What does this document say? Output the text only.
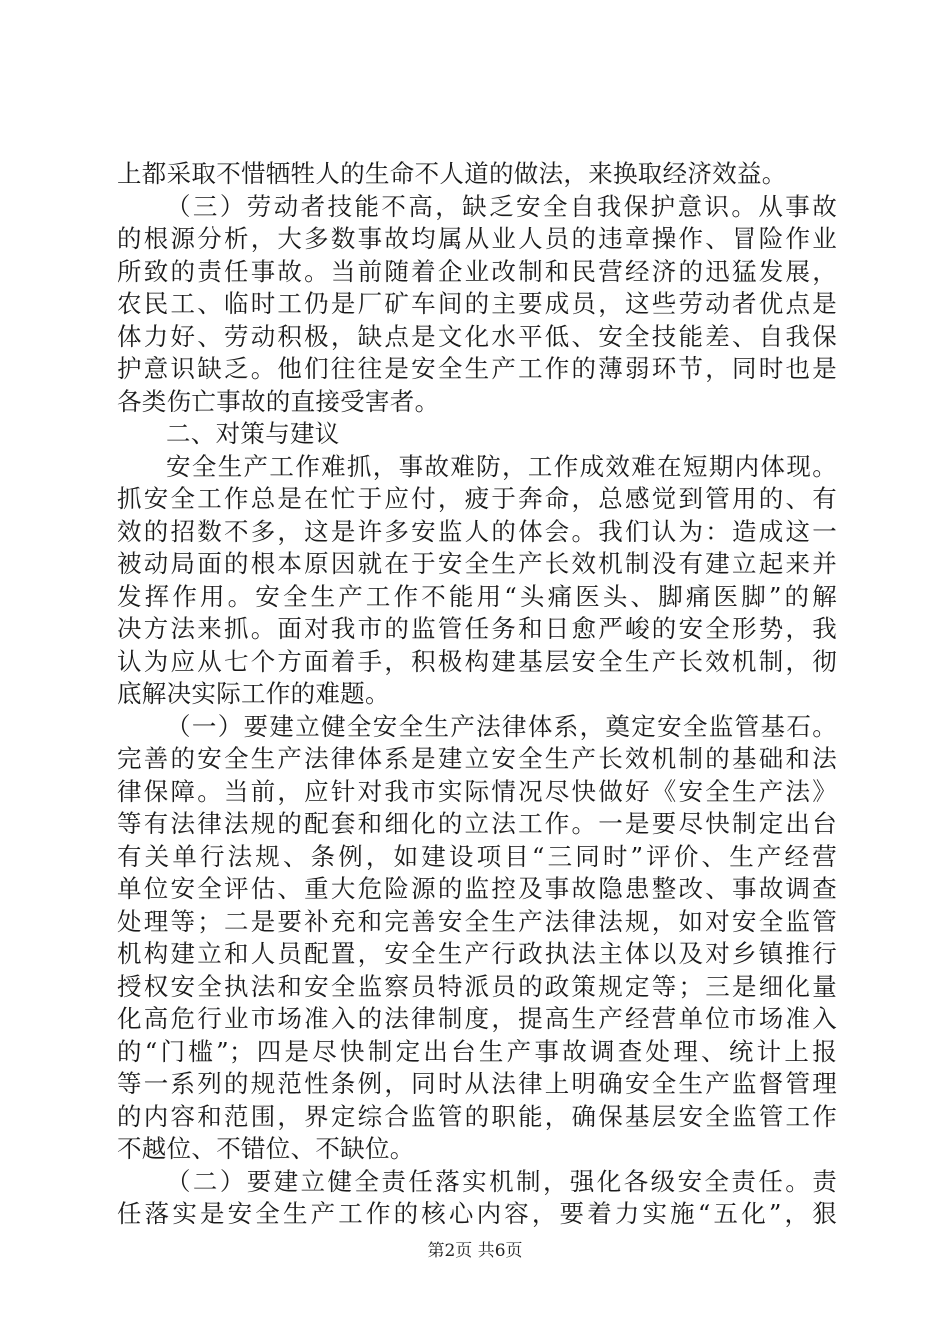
上都采取不惜牺牲人的生命不人道的做法，来换取经济效益。
（三）劳动者技能不高，缺乏安全自我保护意识。从事故
的根源分析，大多数事故均属从业人员的违章操作、冒险作业
所致的责任事故。当前随着企业改制和民营经济的迅猛发展，
农民工、临时工仍是厂矿车间的主要成员，这些劳动者优点是
体力好、劳动积极，缺点是文化水平低、安全技能差、自我保
护意识缺乏。他们往往是安全生产工作的薄弱环节，同时也是
各类伤亡事故的直接受害者。
二、对策与建议
安全生产工作难抓，事故难防，工作成效难在短期内体现。
抓安全工作总是在忙于应付，疲于奔命，总感觉到管用的、有
效的招数不多，这是许多安监人的体会。我们认为：造成这一
被动局面的根本原因就在于安全生产长效机制没有建立起来并
发挥作用。安全生产工作不能用“头痛医头、脚痛医脚”的解
决方法来抓。面对我市的监管任务和日愈严峻的安全形势，我
认为应从七个方面着手，积极构建基层安全生产长效机制，彻
底解决实际工作的难题。
（一）要建立健全安全生产法律体系，奠定安全监管基石。
完善的安全生产法律体系是建立安全生产长效机制的基础和法
律保障。当前，应针对我市实际情况尽快做好《安全生产法》
等有法律法规的配套和细化的立法工作。一是要尽快制定出台
有关单行法规、条例，如建设项目“三同时”评价、生产经营
单位安全评估、重大危险源的监控及事故隐患整改、事故调查
处理等；二是要补充和完善安全生产法律法规，如对安全监管
机构建立和人员配置，安全生产行政执法主体以及对乡镇推行
授权安全执法和安全监察员特派员的政策规定等；三是细化量
化高危行业市场准入的法律制度，提高生产经营单位市场准入
的“门槛”；四是尽快制定出台生产事故调查处理、统计上报
等一系列的规范性条例，同时从法律上明确安全生产监督管理
的内容和范围，界定综合监管的职能，确保基层安全监管工作
不越位、不错位、不缺位。
（二）要建立健全责任落实机制，强化各级安全责任。责
任落实是安全生产工作的核心内容，要着力实施“五化”，狠
第2页 共6页
